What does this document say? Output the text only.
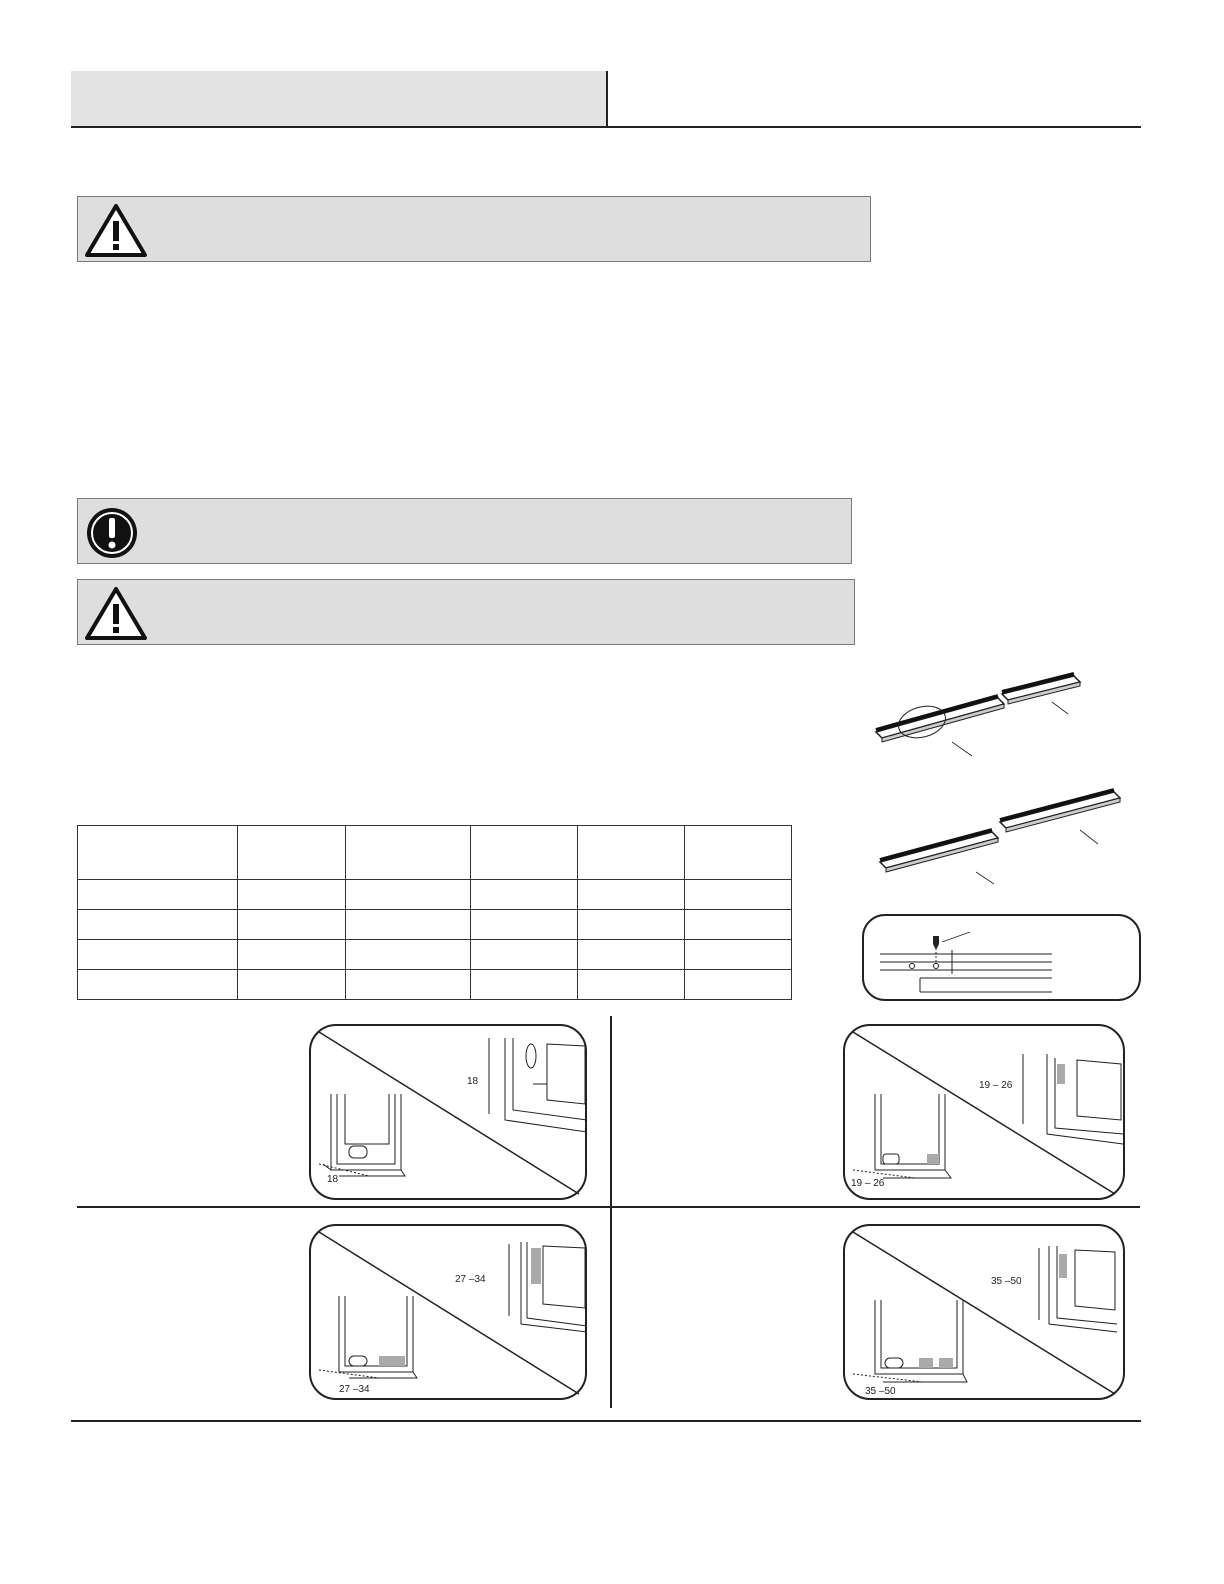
18
18
19 – 26
19 – 26
27 –34
27 –34
35 –50
35 –50
